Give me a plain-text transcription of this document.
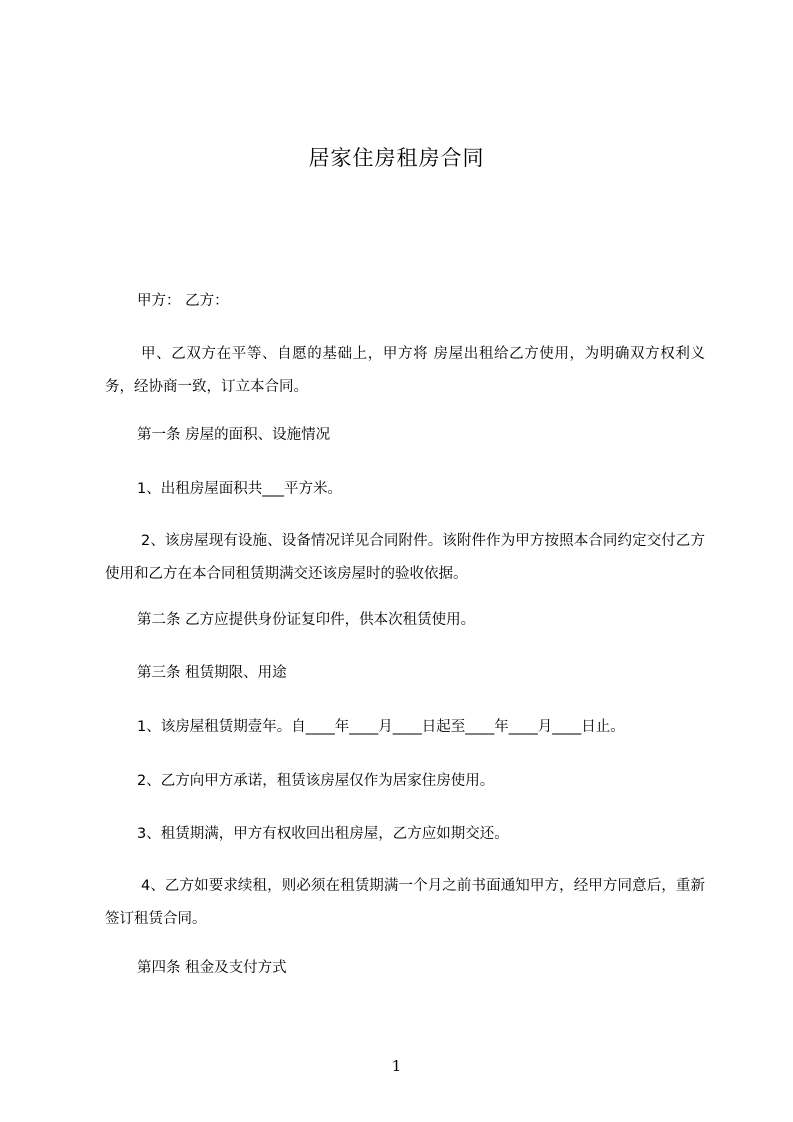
居家住房租房合同
甲方： 乙方：
甲、乙双方在平等、自愿的基础上，甲方将 房屋出租给乙方使用，为明确双方权利义务，经协商一致，订立本合同。
第一条 房屋的面积、设施情况
1、出租房屋面积共___平方米。
2、该房屋现有设施、设备情况详见合同附件。该附件作为甲方按照本合同约定交付乙方使用和乙方在本合同租赁期满交还该房屋时的验收依据。
第二条 乙方应提供身份证复印件，供本次租赁使用。
第三条 租赁期限、用途
1、该房屋租赁期壹年。自____年____月____日起至____年____月____日止。
2、乙方向甲方承诺，租赁该房屋仅作为居家住房使用。
3、租赁期满，甲方有权收回出租房屋，乙方应如期交还。
4、乙方如要求续租，则必须在租赁期满一个月之前书面通知甲方，经甲方同意后，重新签订租赁合同。
第四条 租金及支付方式
1
